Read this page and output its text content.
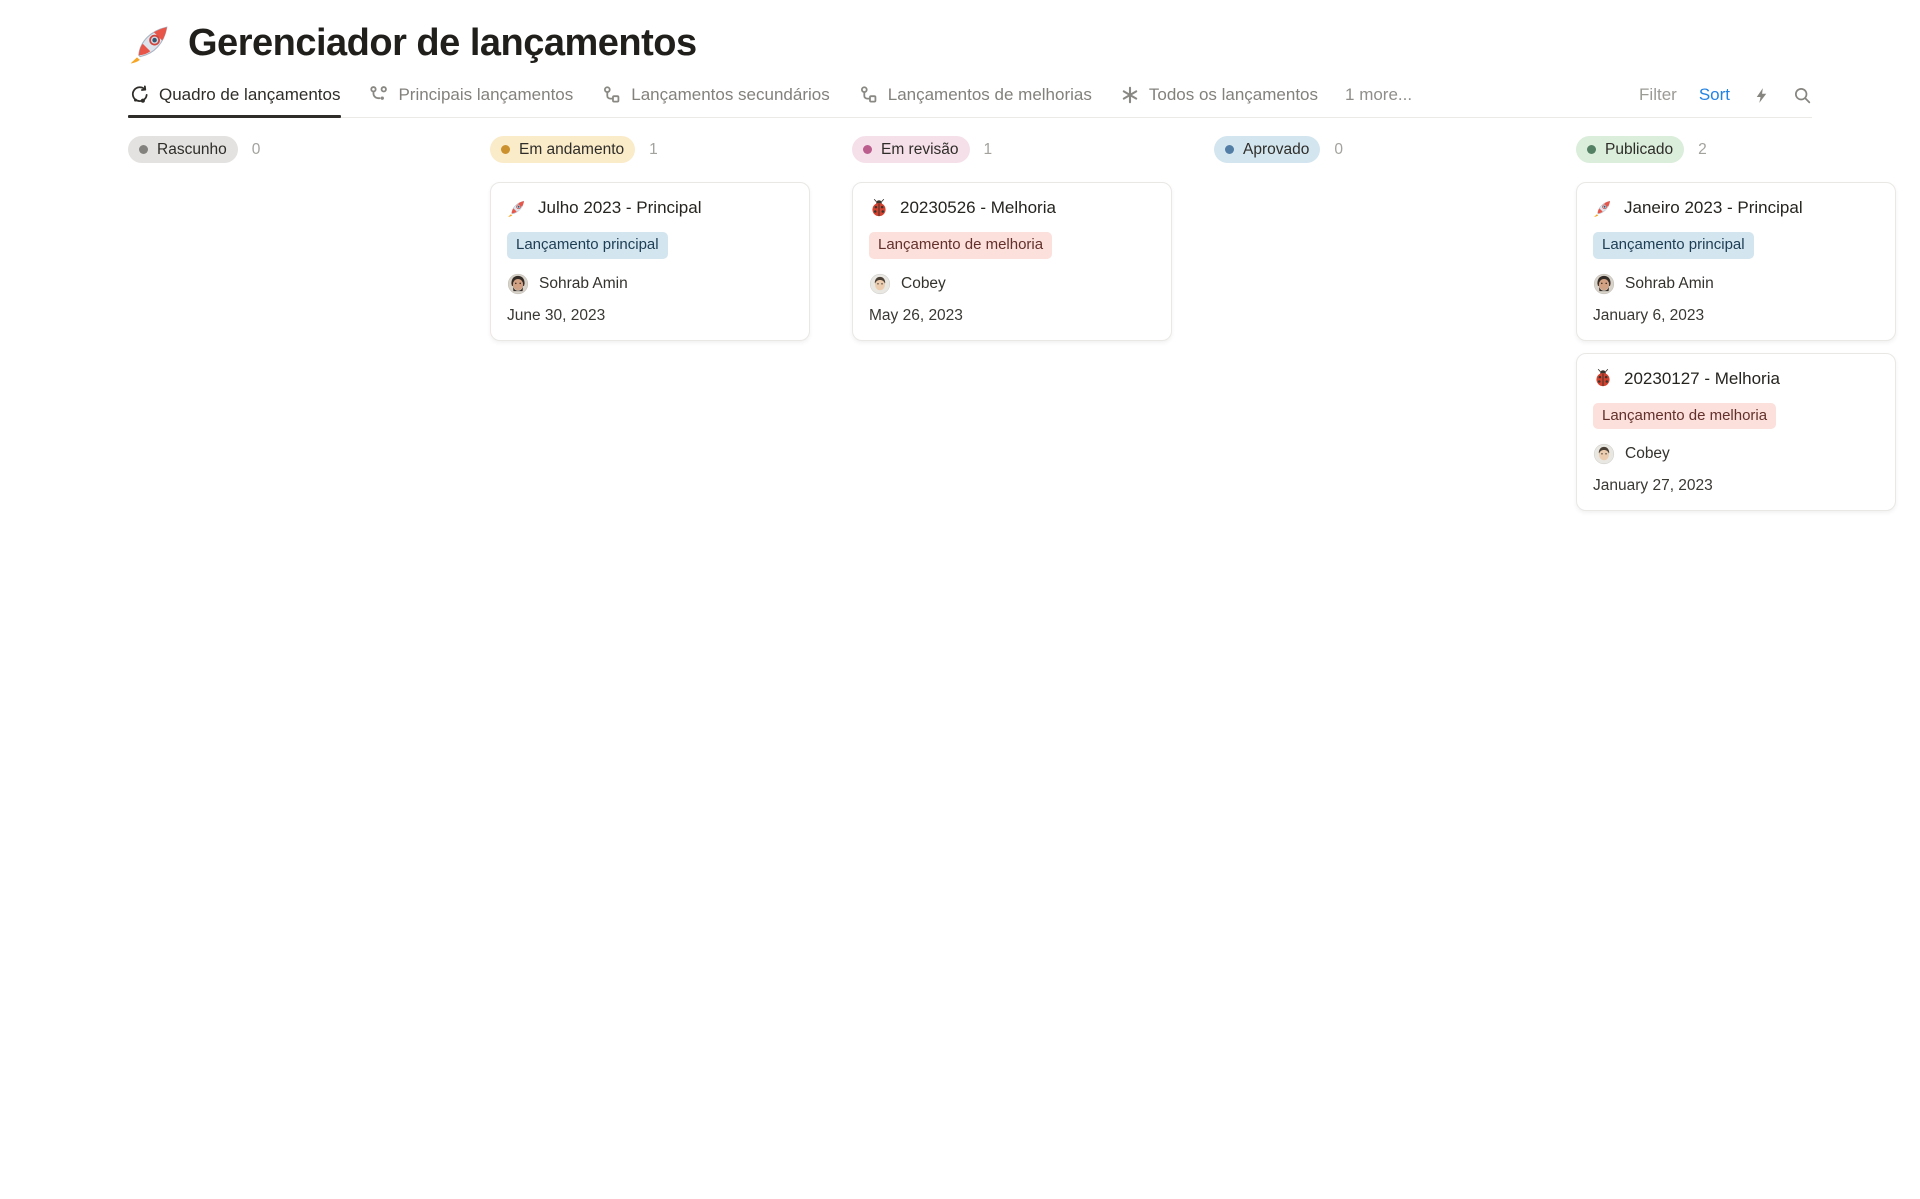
Gerenciador de lançamentos
Quadro de lançamentos	Principais lançamentos	Lançamentos secundários	Lançamentos de melhorias	Todos os lançamentos 1 more...	Filter Sort
Rascunho 0	Em andamento 1
Julho 2023 - Principal
Lançamento principal
Sohrab Amin
June 30, 2023
Em revisão 1
20230526 - Melhoria
Lançamento de melhoria
Cobey
May 26, 2023
Aprovado 0	Publicado 2
Janeiro 2023 - Principal
Lançamento principal
Sohrab Amin
January 6, 2023
20230127 - Melhoria
Lançamento de melhoria
Cobey
January 27, 2023
